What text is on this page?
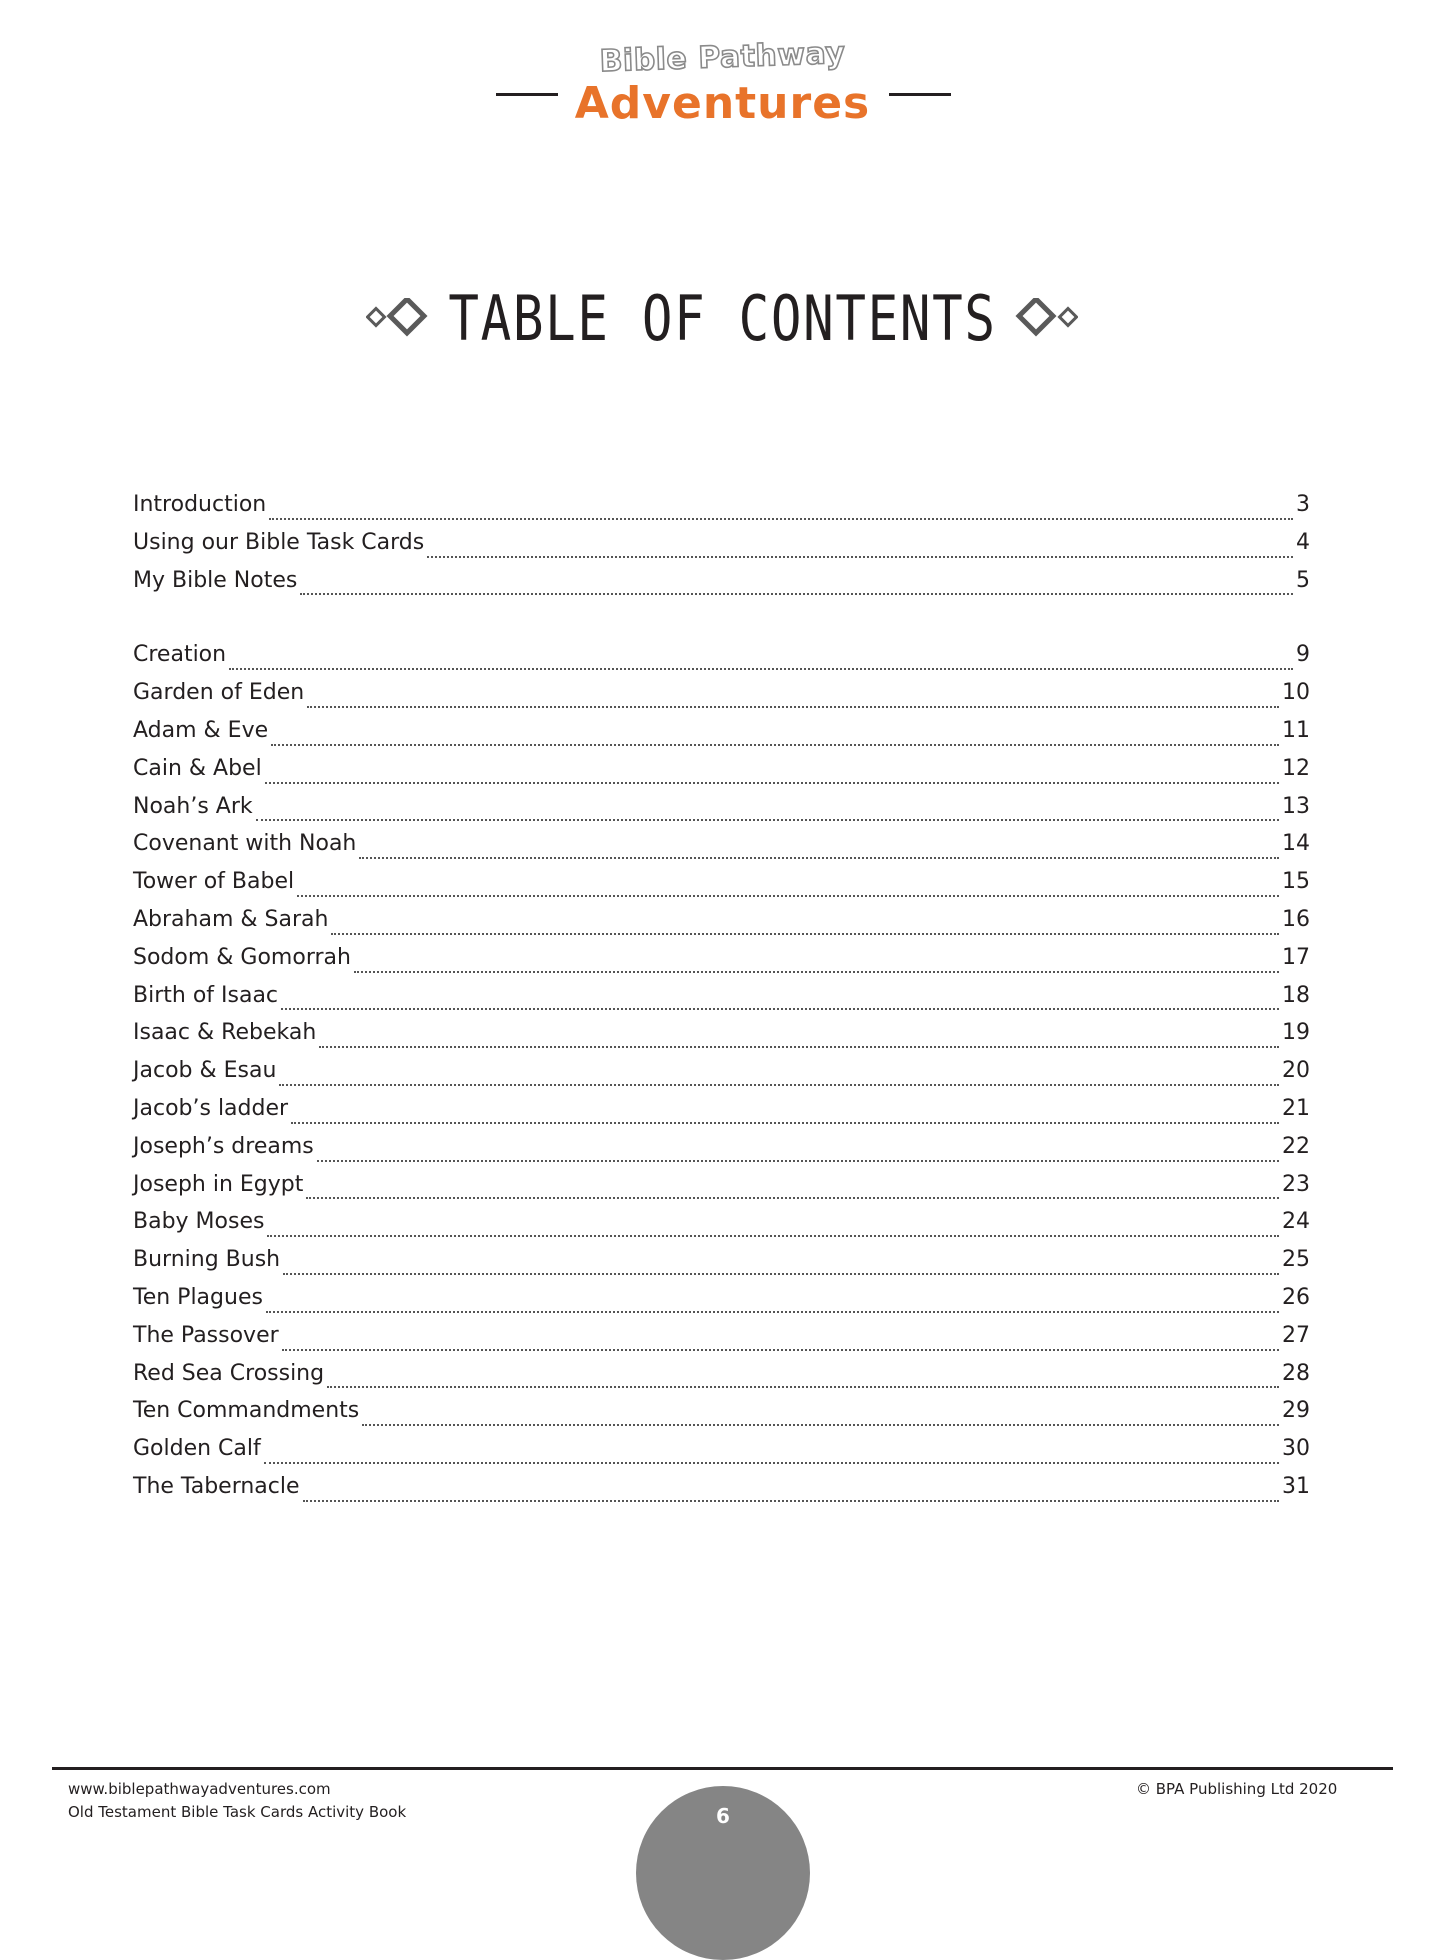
Bible Pathway
Adventures
TABLE OF CONTENTS
Introduction	3
Using our Bible Task Cards	4
My Bible Notes	5
Creation	9
Garden of Eden	10
Adam & Eve	11
Cain & Abel	12
Noah’s Ark	13
Covenant with Noah	14
Tower of Babel	15
Abraham & Sarah	16
Sodom & Gomorrah	17
Birth of Isaac	18
Isaac & Rebekah	19
Jacob & Esau	20
Jacob’s ladder	21
Joseph’s dreams	22
Joseph in Egypt	23
Baby Moses	24
Burning Bush	25
Ten Plagues	26
The Passover	27
Red Sea Crossing	28
Ten Commandments	29
Golden Calf	30
The Tabernacle	31
www.biblepathwayadventures.com
Old Testament Bible Task Cards Activity Book
© BPA Publishing Ltd 2020
6
